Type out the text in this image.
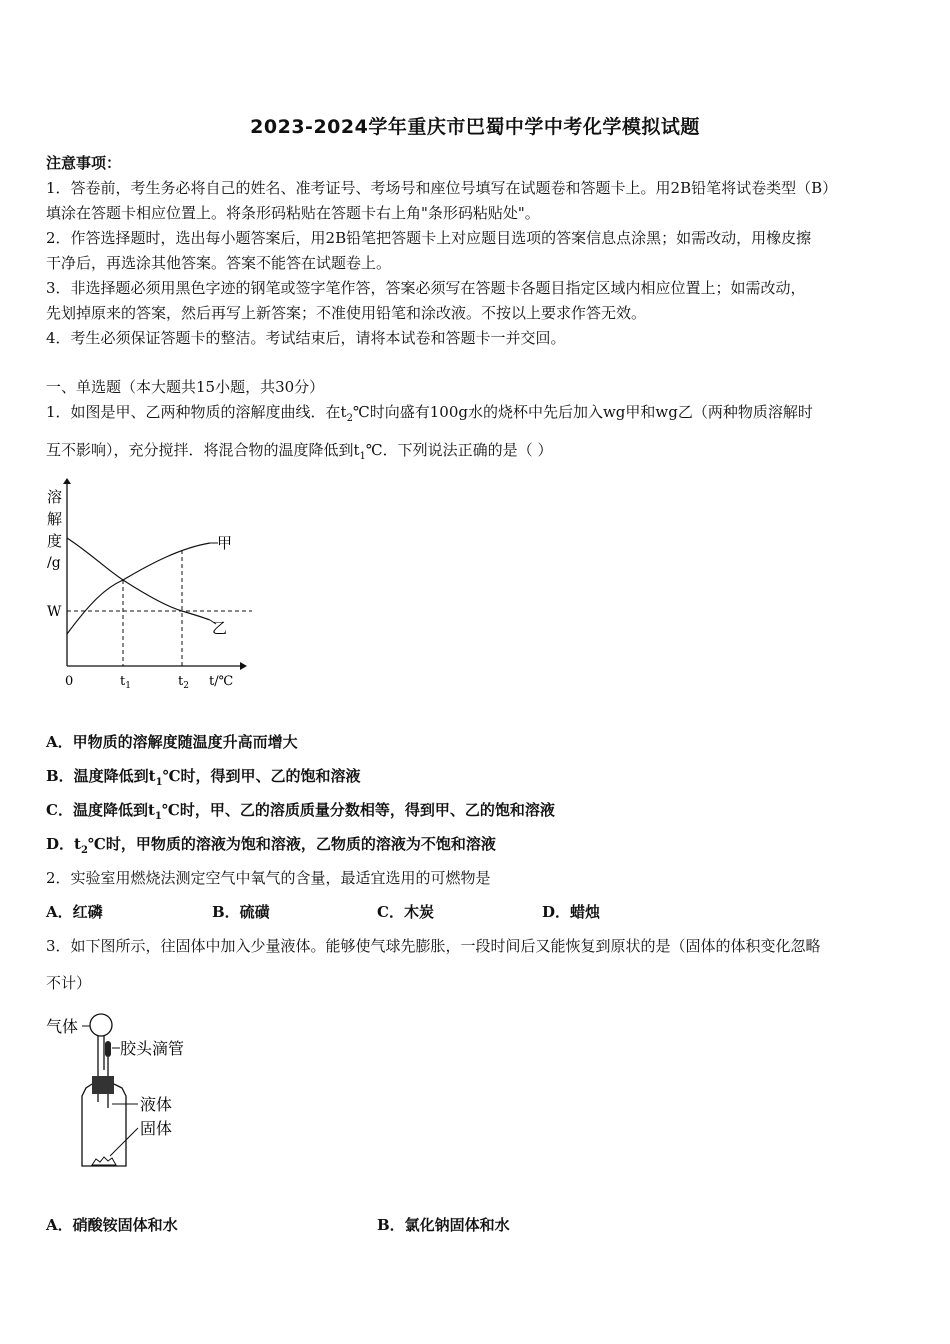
2023-2024学年重庆市巴蜀中学中考化学模拟试题
注意事项：
1．答卷前，考生务必将自己的姓名、准考证号、考场号和座位号填写在试题卷和答题卡上。用2B铅笔将试卷类型（B）
填涂在答题卡相应位置上。将条形码粘贴在答题卡右上角"条形码粘贴处"。
2．作答选择题时，选出每小题答案后，用2B铅笔把答题卡上对应题目选项的答案信息点涂黑；如需改动，用橡皮擦
干净后，再选涂其他答案。答案不能答在试题卷上。
3．非选择题必须用黑色字迹的钢笔或签字笔作答，答案必须写在答题卡各题目指定区域内相应位置上；如需改动，
先划掉原来的答案，然后再写上新答案；不准使用铅笔和涂改液。不按以上要求作答无效。
4．考生必须保证答题卡的整洁。考试结束后，请将本试卷和答题卡一并交回。
一、单选题（本大题共15小题，共30分）
1．如图是甲、乙两种物质的溶解度曲线．在$t_2℃$时向盛有100g水的烧杯中先后加入wg甲和wg乙（两种物质溶解时
互不影响），充分搅拌．将混合物的温度降低到$t_1℃$．下列说法正确的是（ ）
溶
解
度
/g
甲
乙
W
0	$t_1$	$t_2$ t/℃
A．甲物质的溶解度随温度升高而增大
B．温度降低到$t_1℃$时，得到甲、乙的饱和溶液
C．温度降低到$t_1℃$时，甲、乙的溶质质量分数相等，得到甲、乙的饱和溶液
D．$t_2℃$时，甲物质的溶液为饱和溶液，乙物质的溶液为不饱和溶液
2．实验室用燃烧法测定空气中氧气的含量，最适宜选用的可燃物是
A．红磷	B．硫磺	C．木炭	D．蜡烛
3．如下图所示，往固体中加入少量液体。能够使气球先膨胀，一段时间后又能恢复到原状的是（固体的体积变化忽略
不计）
气体
胶头滴管
液体
固体
A．硝酸铵固体和水	B．氯化钠固体和水
